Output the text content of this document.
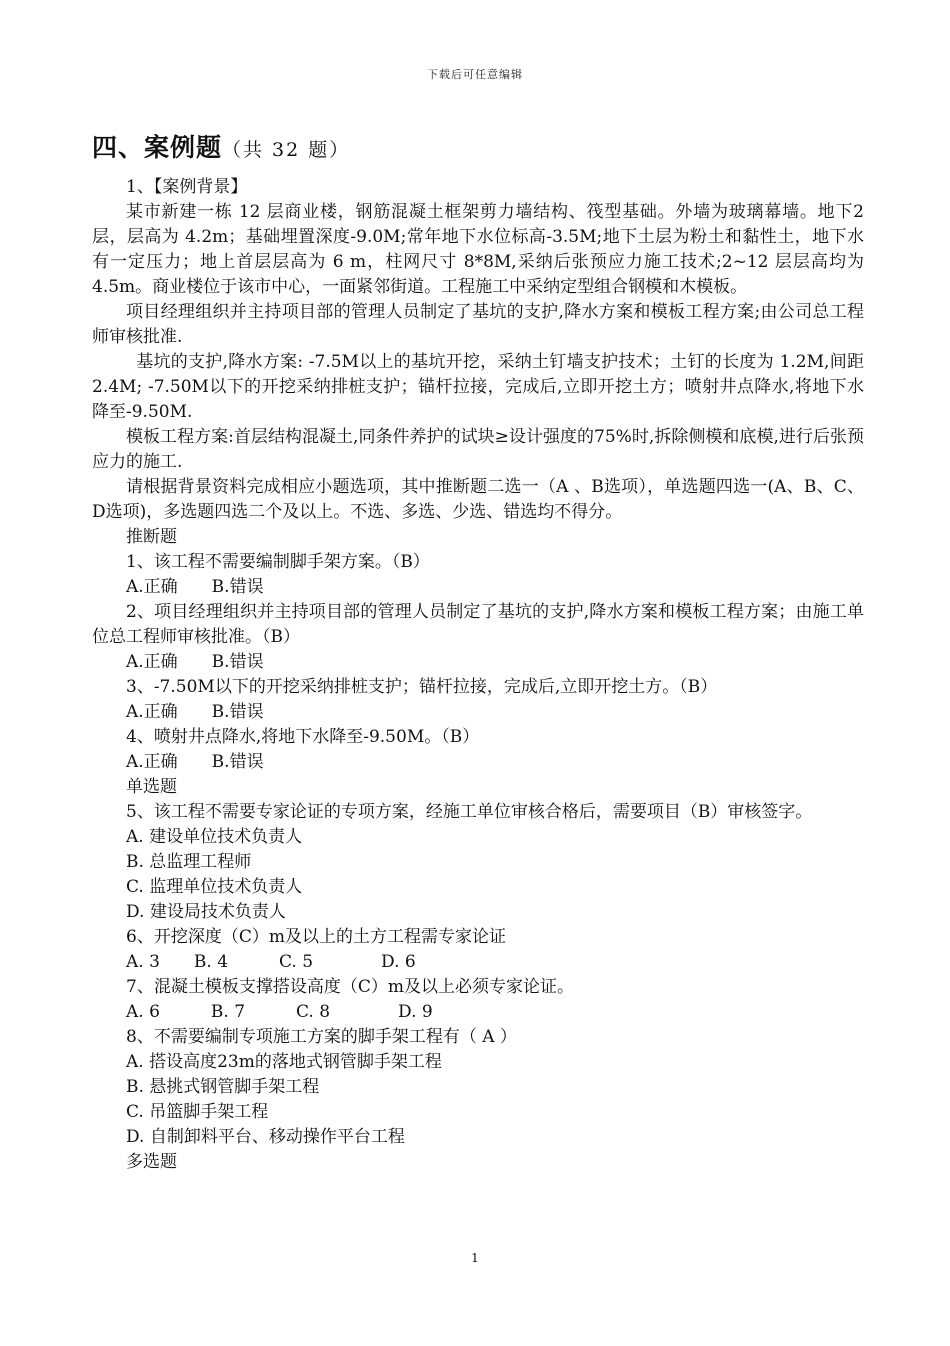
下载后可任意编辑
四、案例题（共 32 题）

1、【案例背景】

某市新建一栋 12 层商业楼，钢筋混凝土框架剪力墙结构、筏型基础。外墙为玻璃幕墙。地下2层，层高为 4.2m；基础埋置深度-9.0M;常年地下水位标高-3.5M;地下土层为粉土和黏性土，地下水有一定压力；地上首层层高为 6 m，柱网尺寸 8*8M,采纳后张预应力施工技术;2~12 层层高均为 4.5m。商业楼位于该市中心，一面紧邻街道。工程施工中采纳定型组合钢模和木模板。

项目经理组织并主持项目部的管理人员制定了基坑的支护,降水方案和模板工程方案;由公司总工程师审核批准.

基坑的支护,降水方案: -7.5M以上的基坑开挖，采纳土钉墙支护技术；土钉的长度为 1.2M,间距 2.4M; -7.50M以下的开挖采纳排桩支护；锚杆拉接，完成后,立即开挖土方；喷射井点降水,将地下水降至-9.50M.

模板工程方案:首层结构混凝土,同条件养护的试块≥设计强度的75%时,拆除侧模和底模,进行后张预应力的施工.

请根据背景资料完成相应小题选项，其中推断题二选一（A 、B选项），单选题四选一(A、B、C、 D选项)，多选题四选二个及以上。不选、多选、少选、错选均不得分。

推断题

1、该工程不需要编制脚手架方案。（B）

A.正确　　B.错误

2、项目经理组织并主持项目部的管理人员制定了基坑的支护,降水方案和模板工程方案；由施工单位总工程师审核批准。（B）

A.正确　　B.错误

3、-7.50M以下的开挖采纳排桩支护；锚杆拉接，完成后,立即开挖土方。（B）

A.正确　　B.错误

4、喷射井点降水,将地下水降至-9.50M。（B）

A.正确　　B.错误

单选题

5、该工程不需要专家论证的专项方案，经施工单位审核合格后，需要项目（B）审核签字。

A. 建设单位技术负责人

B. 总监理工程师

C. 监理单位技术负责人

D. 建设局技术负责人

6、开挖深度（C）m及以上的土方工程需专家论证

A. 3　　B. 4　　　C. 5　　　　D. 6

7、混凝土模板支撑搭设高度（C）m及以上必须专家论证。

A. 6　　　B. 7　　　C. 8　　　　D. 9

8、不需要编制专项施工方案的脚手架工程有（ A ）

A. 搭设高度23m的落地式钢管脚手架工程

B. 悬挑式钢管脚手架工程

C. 吊篮脚手架工程

D. 自制卸料平台、移动操作平台工程

多选题

1
